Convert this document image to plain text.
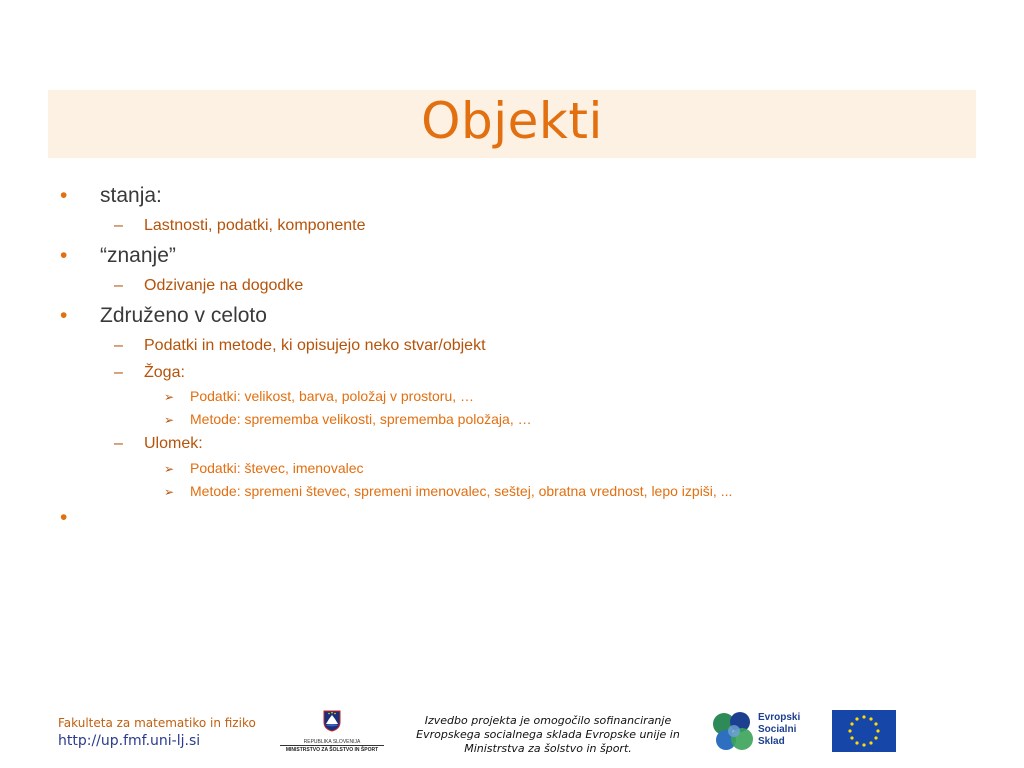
Objekti
• stanja:
– Lastnosti, podatki, komponente
• “znanje”
– Odzivanje na dogodke
• Združeno v celoto
– Podatki in metode, ki opisujejo neko stvar/objekt
– Žoga:
➢ Podatki: velikost, barva, položaj v prostoru, …
➢ Metode: sprememba velikosti, sprememba položaja, …
– Ulomek:
➢ Podatki: števec, imenovalec
➢ Metode: spremeni števec, spremeni imenovalec, seštej, obratna vrednost, lepo izpiši, ...
•
Fakulteta za matematiko in fiziko
http://up.fmf.uni-lj.si	REPUBLIKA SLOVENIJA
MINISTRSTVO ZA ŠOLSTVO IN ŠPORT
Izvedbo projekta je omogočilo sofinanciranje
Evropskega socialnega sklada Evropske unije in
Ministrstva za šolstvo in šport.
Evropski
Socialni
Sklad
